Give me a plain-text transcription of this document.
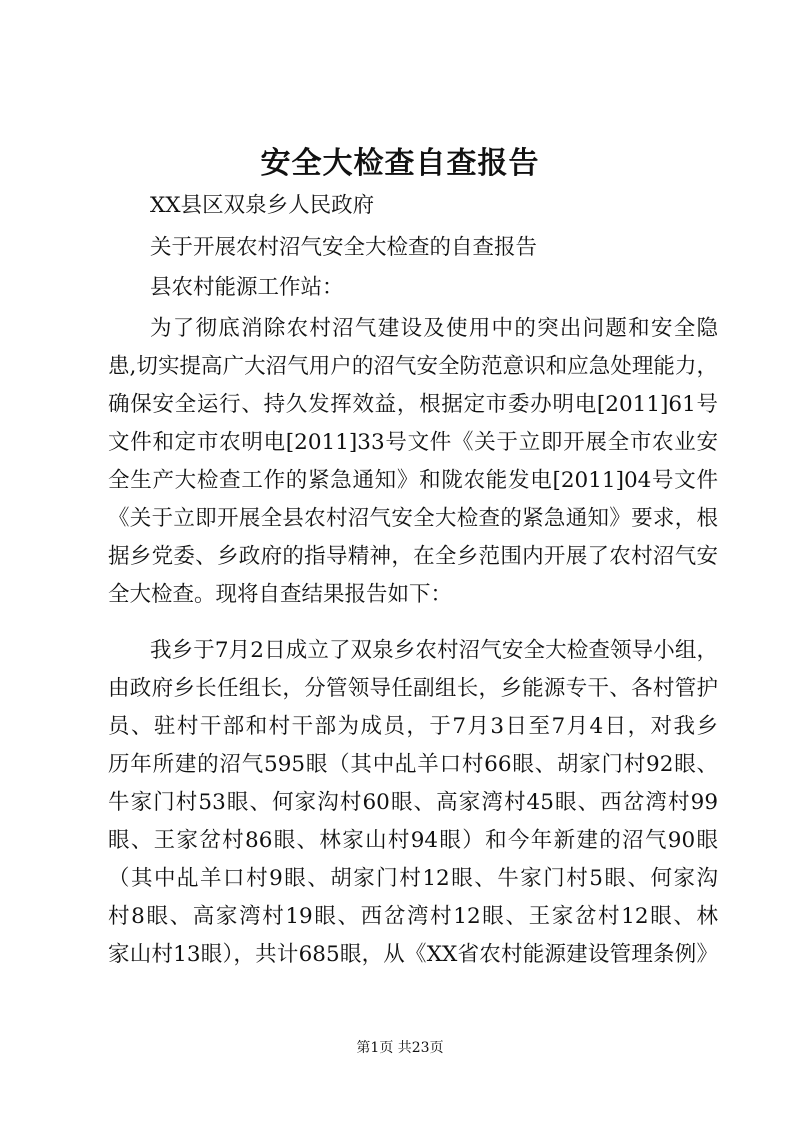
安全大检查自查报告
XX县区双泉乡人民政府
关于开展农村沼气安全大检查的自查报告
县农村能源工作站：
为了彻底消除农村沼气建设及使用中的突出问题和安全隐
患,切实提高广大沼气用户的沼气安全防范意识和应急处理能力，
确保安全运行、持久发挥效益，根据定市委办明电[2011]61号
文件和定市农明电[2011]33号文件《关于立即开展全市农业安
全生产大检查工作的紧急通知》和陇农能发电[2011]04号文件
《关于立即开展全县农村沼气安全大检查的紧急通知》要求，根
据乡党委、乡政府的指导精神，在全乡范围内开展了农村沼气安
全大检查。现将自查结果报告如下：
我乡于7月2日成立了双泉乡农村沼气安全大检查领导小组，
由政府乡长任组长，分管领导任副组长，乡能源专干、各村管护
员、驻村干部和村干部为成员，于7月3日至7月4日，对我乡
历年所建的沼气595眼（其中乩羊口村66眼、胡家门村92眼、
牛家门村53眼、何家沟村60眼、高家湾村45眼、西岔湾村99
眼、王家岔村86眼、林家山村94眼）和今年新建的沼气90眼
（其中乩羊口村9眼、胡家门村12眼、牛家门村5眼、何家沟
村8眼、高家湾村19眼、西岔湾村12眼、王家岔村12眼、林
家山村13眼），共计685眼，从《XX省农村能源建设管理条例》
第1页 共23页
